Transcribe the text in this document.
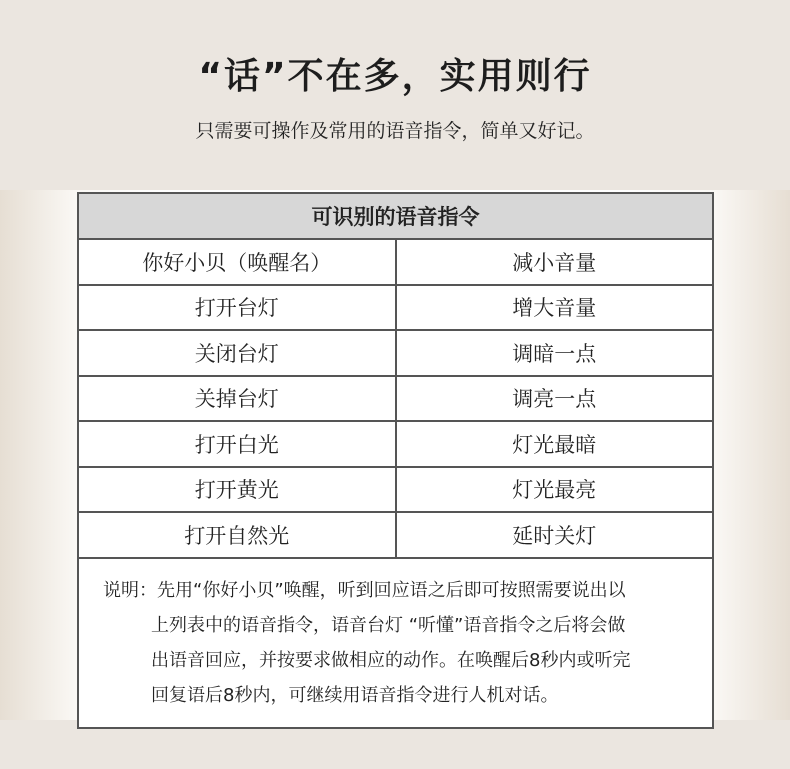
“话”不在多，实用则行
只需要可操作及常用的语音指令，简单又好记。
可识别的语音指令
你好小贝（唤醒名）	减小音量
打开台灯	增大音量
关闭台灯	调暗一点
关掉台灯	调亮一点
打开白光	灯光最暗
打开黄光	灯光最亮
打开自然光	延时关灯
说明：先用“你好小贝”唤醒，听到回应语之后即可按照需要说出以
上列表中的语音指令，语音台灯 “听懂”语音指令之后将会做
出语音回应，并按要求做相应的动作。在唤醒后8秒内或听完
回复语后8秒内，可继续用语音指令进行人机对话。
